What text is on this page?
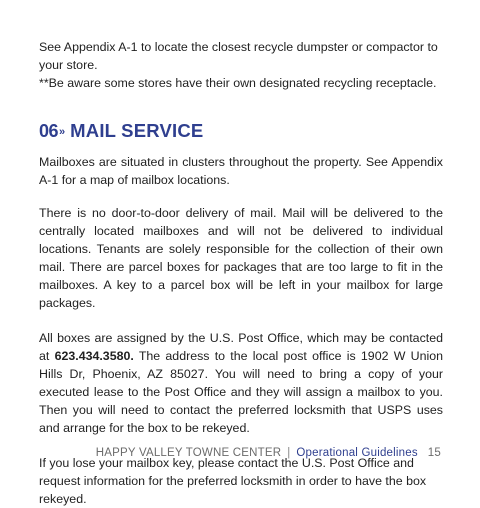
See Appendix A-1 to locate the closest recycle dumpster or compactor to your store.

**Be aware some stores have their own designated recycling receptacle.

06 » MAIL SERVICE

Mailboxes are situated in clusters throughout the property. See Appendix A-1 for a map of mailbox locations.

There is no door-to-door delivery of mail. Mail will be delivered to the centrally located mailboxes and will not be delivered to individual locations. Tenants are solely responsible for the collection of their own mail. There are parcel boxes for packages that are too large to fit in the mailboxes. A key to a parcel box will be left in your mailbox for large packages.

All boxes are assigned by the U.S. Post Office, which may be contacted at 623.434.3580. The address to the local post office is 1902 W Union Hills Dr, Phoenix, AZ 85027. You will need to bring a copy of your executed lease to the Post Office and they will assign a mailbox to you. Then you will need to contact the preferred locksmith that USPS uses and arrange for the box to be rekeyed.

If you lose your mailbox key, please contact the U.S. Post Office and request information for the preferred locksmith in order to have the box rekeyed.

HAPPY VALLEY TOWNE CENTER | Operational Guidelines 15
